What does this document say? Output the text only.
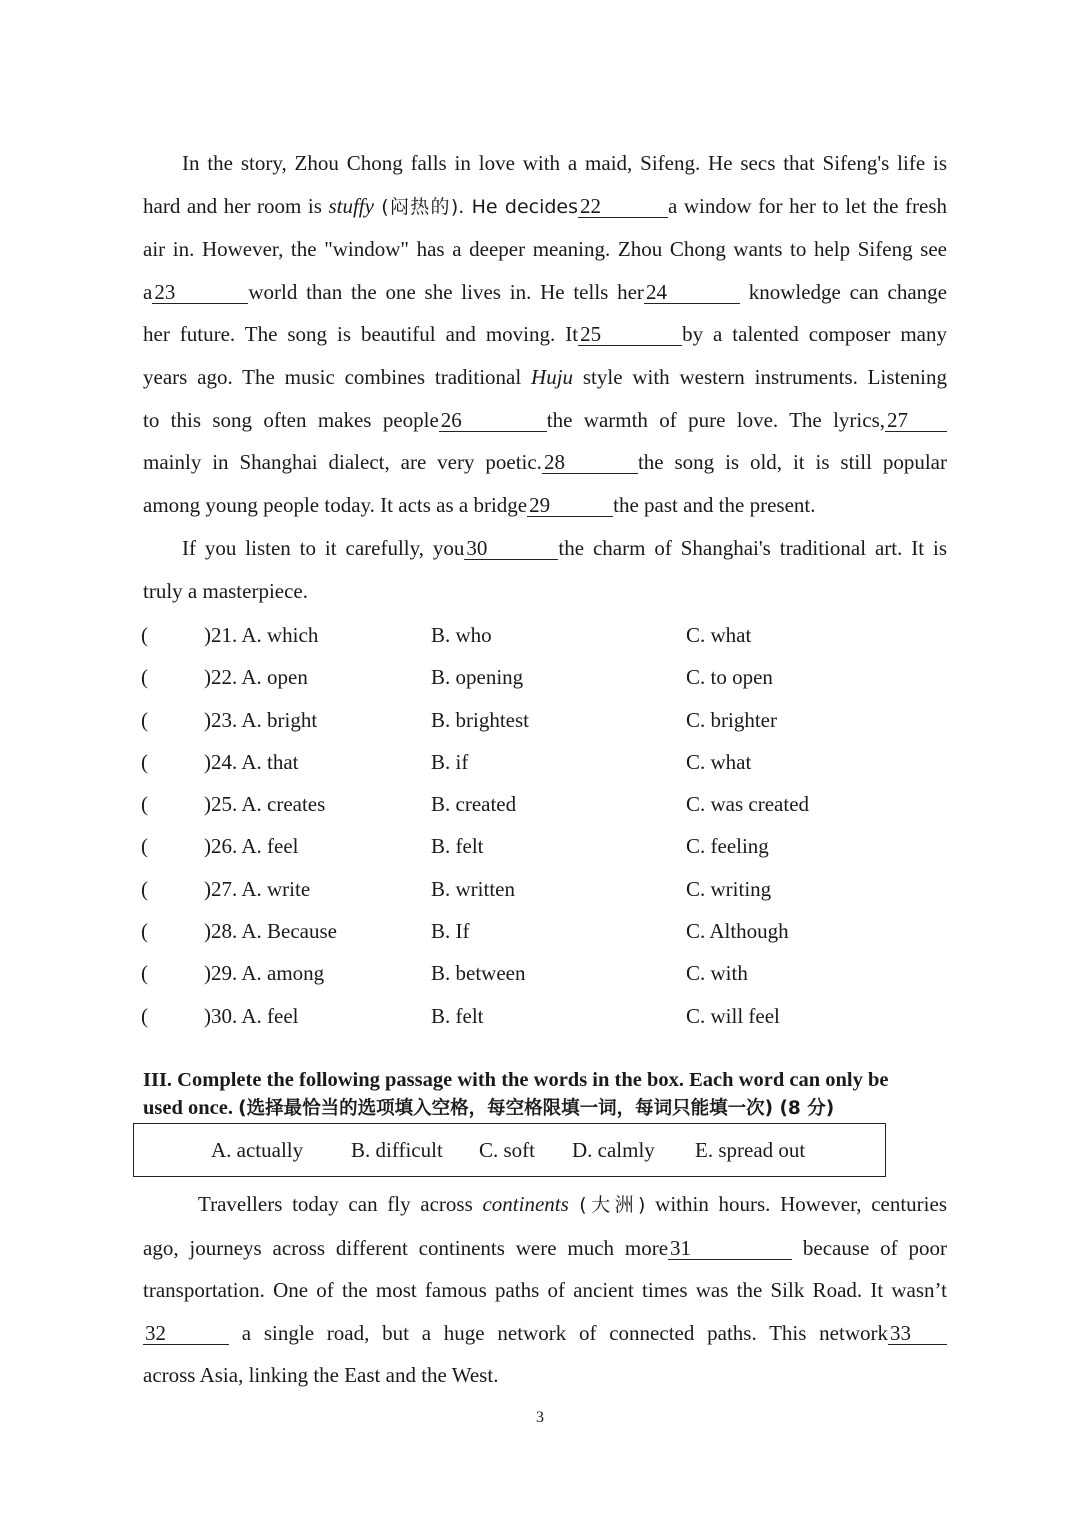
In the story, Zhou Chong falls in love with a maid, Sifeng. He secs that Sifeng's life is
hard and her room is stuffy (闷热的). He decides22	a window for her to let the fresh
air in. However, the "window" has a deeper meaning. Zhou Chong wants to help Sifeng see
a23	world than the one she lives in. He tells her24	knowledge can change
her future. The song is beautiful and moving. It25	by a talented composer many
years ago. The music combines traditional Huju style with western instruments. Listening
to this song often makes people26	the warmth of pure love. The lyrics,27
mainly in Shanghai dialect, are very poetic.28	the song is old, it is still popular
among young people today. It acts as a bridge29	the past and the present.
If you listen to it carefully, you30	the charm of Shanghai's traditional art. It is
truly a masterpiece.
(	)21. A. which	B. who	C. what
(	)22. A. open	B. opening	C. to open
(	)23. A. bright	B. brightest	C. brighter
(	)24. A. that	B. if	C. what
(	)25. A. creates	B. created	C. was created
(	)26. A. feel	B. felt	C. feeling
(	)27. A. write	B. written	C. writing
(	)28. A. Because	B. If	C. Although
(	)29. A. among	B. between	C. with
(	)30. A. feel	B. felt	C. will feel
III. Complete the following passage with the words in the box. Each word can only be
used once. (选择最恰当的选项填入空格，每空格限填一词，每词只能填一次) (8 分)
A. actually B. difficult C. soft D. calmly E. spread out
Travellers today can fly across continents (大洲) within hours. However, centuries
ago, journeys across different continents were much more31	because of poor
transportation. One of the most famous paths of ancient times was the Silk Road. It wasn’t
32	a single road, but a huge network of connected paths. This network33
across Asia, linking the East and the West.
3
